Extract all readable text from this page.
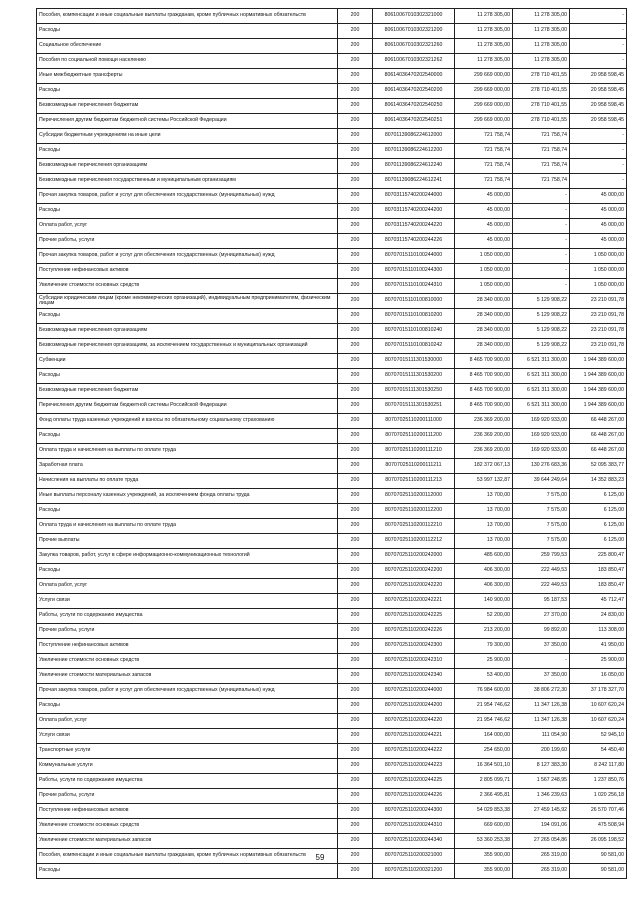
Пособия, компенсации и иные социальные выплаты гражданам, кроме публичных нормативных обязательств	200	80610067010302321000	11 278 305,00	11 278 305,00	-
Расходы	200	80610067010302321200	11 278 305,00	11 278 305,00	-
Социальное обеспечение	200	80610067010302321260	11 278 305,00	11 278 305,00	-
Пособия по социальной помощи населению	200	80610067010302321262	11 278 305,00	11 278 305,00	-
Иные межбюджетные трансферты	200	80614036470202540000	299 669 000,00	278 710 401,55	20 958 598,45
Расходы	200	80614036470202540200	299 669 000,00	278 710 401,55	20 958 598,45
Безвозмездные перечисления бюджетам	200	80614036470202540250	299 669 000,00	278 710 401,55	20 958 598,45
Перечисления другим бюджетам бюджетной системы Российской Федерации	200	80614036470202540251	299 669 000,00	278 710 401,55	20 958 598,45
Субсидии бюджетным учреждениям на иные цели	200	80701139086224612000	721 758,74	721 758,74	-
Расходы	200	80701139086224612200	721 758,74	721 758,74	-
Безвозмездные перечисления организациям	200	80701139086224612240	721 758,74	721 758,74	-
Безвозмездные перечисления государственным и муниципальным организациям	200	80701139086224612241	721 758,74	721 758,74	-
Прочая закупка товаров, работ и услуг для обеспечения государственных (муниципальных) нужд	200	80703115740200244000	45 000,00	-	45 000,00
Расходы	200	80703115740200244200	45 000,00	-	45 000,00
Оплата работ, услуг	200	80703115740200244220	45 000,00	-	45 000,00
Прочие работы, услуги	200	80703115740200244226	45 000,00	-	45 000,00
Прочая закупка товаров, работ и услуг для обеспечения государственных (муниципальных) нужд	200	80707015110100244000	1 050 000,00	-	1 050 000,00
Поступление нефинансовых активов	200	80707015110100244300	1 050 000,00	-	1 050 000,00
Увеличение стоимости основных средств	200	80707015110100244310	1 050 000,00	-	1 050 000,00
Субсидии юридическим лицам (кроме некоммерческих организаций), индивидуальным предпринимателям, физическим лицам	200	80707015110100810000	28 340 000,00	5 129 908,22	23 210 091,78
Расходы	200	80707015110100810200	28 340 000,00	5 129 908,22	23 210 091,78
Безвозмездные перечисления организациям	200	80707015110100810240	28 340 000,00	5 129 908,22	23 210 091,78
Безвозмездные перечисления организациям, за исключением государственных и муниципальных организаций	200	80707015110100810242	28 340 000,00	5 129 908,22	23 210 091,78
Субвенции	200	80707015111301530000	8 465 700 900,00	6 521 311 300,00	1 944 389 600,00
Расходы	200	80707015111301530200	8 465 700 900,00	6 521 311 300,00	1 944 389 600,00
Безвозмездные перечисления бюджетам	200	80707015111301530250	8 465 700 900,00	6 521 311 300,00	1 944 389 600,00
Перечисления другим бюджетам бюджетной системы Российской Федерации	200	80707015111301530251	8 465 700 900,00	6 521 311 300,00	1 944 389 600,00
Фонд оплаты труда казенных учреждений и взносы по обязательному социальному страхованию	200	80707025110200111000	236 369 200,00	169 920 933,00	66 448 267,00
Расходы	200	80707025110200111200	236 369 200,00	169 920 933,00	66 448 267,00
Оплата труда и начисления на выплаты по оплате труда	200	80707025110200111210	236 369 200,00	169 920 933,00	66 448 267,00
Заработная плата	200	80707025110200111211	182 372 067,13	130 276 683,36	52 095 383,77
Начисления на выплаты по оплате труда	200	80707025110200111213	53 997 132,87	39 644 249,64	14 352 883,23
Иные выплаты персоналу казенных учреждений, за исключением фонда оплаты труда	200	80707025110200112000	13 700,00	7 575,00	6 125,00
Расходы	200	80707025110200112200	13 700,00	7 575,00	6 125,00
Оплата труда и начисления на выплаты по оплате труда	200	80707025110200112210	13 700,00	7 575,00	6 125,00
Прочие выплаты	200	80707025110200112212	13 700,00	7 575,00	6 125,00
Закупка товаров, работ, услуг в сфере информационно-коммуникационных технологий	200	80707025110200242000	485 600,00	259 799,53	225 800,47
Расходы	200	80707025110200242200	406 300,00	222 449,53	183 850,47
Оплата работ, услуг	200	80707025110200242220	406 300,00	222 449,53	183 850,47
Услуги связи	200	80707025110200242221	140 900,00	95 187,53	45 712,47
Работы, услуги по содержанию имущества	200	80707025110200242225	52 200,00	27 370,00	24 830,00
Прочие работы, услуги	200	80707025110200242226	213 200,00	99 892,00	113 308,00
Поступление нефинансовых активов	200	80707025110200242300	79 300,00	37 350,00	41 950,00
Увеличение стоимости основных средств	200	80707025110200242310	25 900,00	-	25 900,00
Увеличение стоимости материальных запасов	200	80707025110200242340	53 400,00	37 350,00	16 050,00
Прочая закупка товаров, работ и услуг для обеспечения государственных (муниципальных) нужд	200	80707025110200244000	76 984 600,00	38 806 272,30	37 178 327,70
Расходы	200	80707025110200244200	21 954 746,62	11 347 126,38	10 607 620,24
Оплата работ, услуг	200	80707025110200244220	21 954 746,62	11 347 126,38	10 607 620,24
Услуги связи	200	80707025110200244221	164 000,00	111 054,90	52 945,10
Транспортные услуги	200	80707025110200244222	254 650,00	200 199,60	54 450,40
Коммунальные услуги	200	80707025110200244223	16 364 501,10	8 127 383,30	8 242 117,80
Работы, услуги по содержанию имущества	200	80707025110200244225	2 805 099,71	1 567 248,95	1 237 850,76
Прочие работы, услуги	200	80707025110200244226	2 366 495,81	1 346 239,63	1 020 256,18
Поступление нефинансовых активов	200	80707025110200244300	54 029 853,38	27 459 145,92	26 570 707,46
Увеличение стоимости основных средств	200	80707025110200244310	669 600,00	194 091,06	475 508,94
Увеличение стоимости материальных запасов	200	80707025110200244340	53 360 253,38	27 265 054,86	26 095 198,52
Пособия, компенсации и иные социальные выплаты гражданам, кроме публичных нормативных обязательств	200	80707025110200321000	355 900,00	265 319,00	90 581,00
Расходы	200	80707025110200321200	355 900,00	265 319,00	90 581,00
59
